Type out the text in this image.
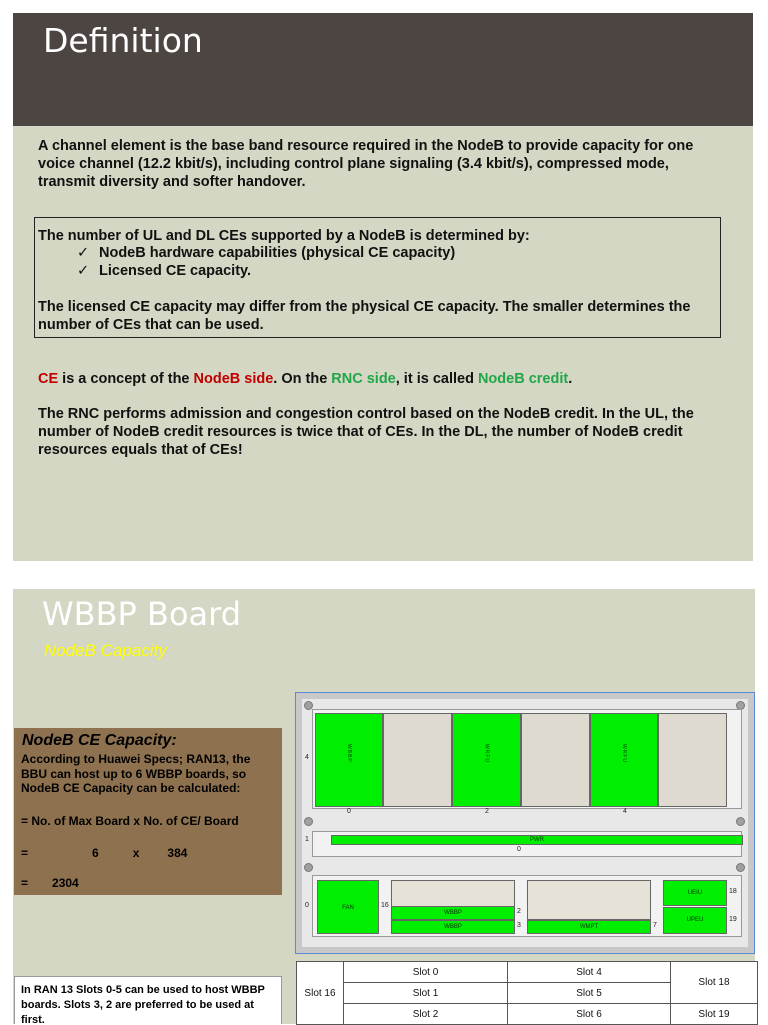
Definition
A channel element is the base band resource required in the NodeB to provide capacity for one voice channel (12.2 kbit/s), including control plane signaling (3.4 kbit/s), compressed mode, transmit diversity and softer handover.
The number of UL and DL CEs supported by a NodeB is determined by:
✓ NodeB hardware capabilities (physical CE capacity)
✓ Licensed CE capacity.
The licensed CE capacity may differ from the physical CE capacity. The smaller determines the number of CEs that can be used.
CE is a concept of the NodeB side. On the RNC side, it is called NodeB credit.
The RNC performs admission and congestion control based on the NodeB credit. In the UL, the number of NodeB credit resources is twice that of CEs. In the DL, the number of NodeB credit resources equals that of CEs!
WBBP Board
NodeB Capacity
NodeB CE Capacity:
According to Huawei Specs; RAN13, the BBU can host up to 6 WBBP boards, so NodeB CE Capacity can be calculated:
= No. of Max Board x No. of CE/ Board
=	6	x 384
= 2304
In RAN 13 Slots 0-5 can be used to host WBBP boards. Slots 3, 2 are preferred to be used at first.
4	WBBP	WRFU	WRFU
0	2	4
1	PWR
0
0	FAN	16
WBBP
WBBP
2
3	WMPT	7
UEIU
UPEU
18
19
Slot 16	Slot 0	Slot 4	Slot 18
	Slot 1	Slot 5	
	Slot 2	Slot 6	Slot 19
